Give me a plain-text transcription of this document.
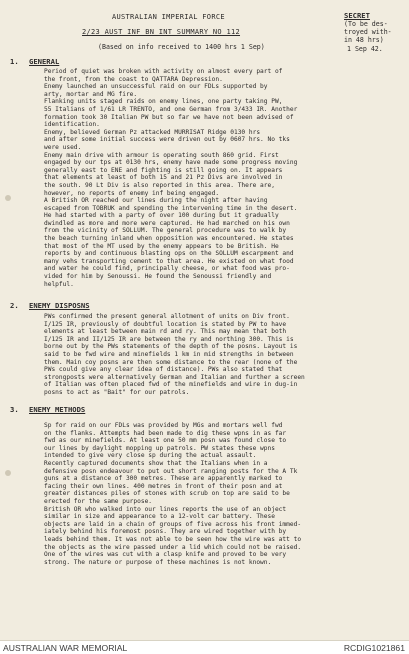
AUSTRALIAN IMPERIAL FORCE
2/23 AUST INF BN INT SUMMARY NO 112
(Based on info received to 1400 hrs 1 Sep)
SECRET
(To be des-
troyed with-
in 48 hrs)
1 Sep 42.
1. GENERAL
Period of quiet was broken with activity on almost every part of
the front, from the coast to QATTARA Depression.
Enemy launched an unsuccessful raid on our FDLs supported by
arty, mortar and MG fire.
Flanking units staged raids on enemy lines, one party taking PW,
55 Italians of 1/61 LR TRENTO, and one German from 3/433 IR. Another
formation took 30 Italian PW but so far we have not been advised of
identification.
Enemy, believed German Pz attacked MURRISAT Ridge 0130 hrs
and after some initial success were driven out by 0607 hrs. No tks
were used.
Enemy main drive with armour is operating south 860 grid. First
engaged by our tps at 0130 hrs, enemy have made some progress moving
generally east to ENE and fighting is still going on. It appears
that elements at least of both 15 and 21 Pz Divs are involved in
the south. 90 Lt Div is also reported in this area. There are,
however, no reports of enemy inf being engaged.
A British OR reached our lines during the night after having
escaped from TOBRUK and spending the intervening time in the desert.
He had started with a party of over 100 during but it gradually
dwindled as more and more were captured. He had marched on his own
from the vicinity of SOLLUM. The general procedure was to walk by
the beach turning inland when opposition was encountered. He states
that most of the MT used by the enemy appears to be British. He
reports by and continuous blasting ops on the SOLLUM escarpment and
many vehs transporting cement to that area. He existed on what food
and water he could find, principally cheese, or what food was pro-
vided for him by Senoussi. He found the Senoussi friendly and
helpful.
2. ENEMY DISPOSNS
PWs confirmed the present general allotment of units on Div front.
I/125 IR, previously of doubtful location is stated by PW to have
elements at least between main rd and ry. This may mean that both
I/125 IR and II/125 IR are between the ry and northing 300. This is
borne out by the PWs statements of the depth of the posns. Layout is
said to be fwd wire and minefields 1 km in mid strengths in between
them. Main coy posns are then some distance to the rear (none of the
PWs could give any clear idea of distance). PWs also stated that
strongposts were alternatively German and Italian and further a screen
of Italian was often placed fwd of the minefields and wire in dug-in
posns to act as "Bait" for our patrols.
3. ENEMY METHODS
Sp for raid on our FDLs was provided by MGs and mortars well fwd
on the flanks. Attempts had been made to dig these wpns in as far
fwd as our minefields. At least one 50 mm posn was found close to
our lines by daylight mopping up patrols. PW states these wpns
intended to give very close sp during the actual assault.
Recently captured documents show that the Italians when in a
defensive posn endeavour to put out short ranging posts for the A Tk
guns at a distance of 300 metres. These are apparently marked to
facing their own lines. 400 metres in front of their posn and at
greater distances piles of stones with scrub on top are said to be
erected for the same purpose.
British OR who walked into our lines reports the use of an object
similar in size and appearance to a 12-volt car battery. These
objects are laid in a chain of groups of five across his front immed-
iately behind his foremost posns. They are wired together with by
leads behind them. It was not able to be seen how the wire was att to
the objects as the wire passed under a lid which could not be raised.
One of the wires was cut with a clasp knife and proved to be very
strong. The nature or purpose of these machines is not known.
AUSTRALIAN WAR MEMORIAL	RCDIG1021861
